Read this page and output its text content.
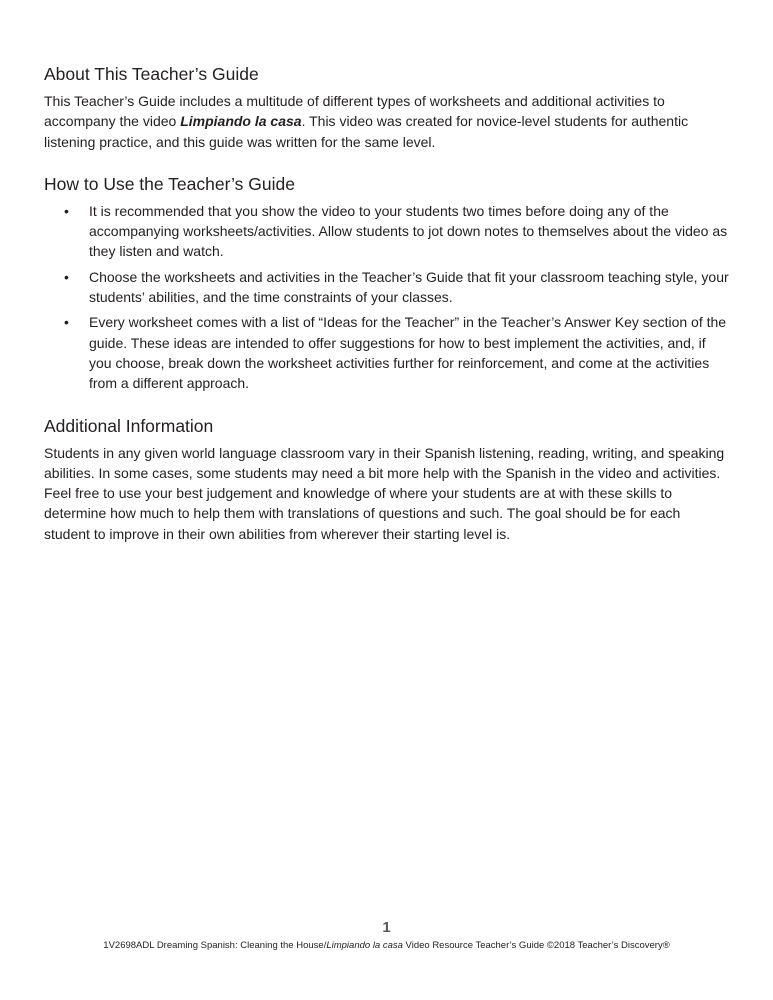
About This Teacher’s Guide

This Teacher’s Guide includes a multitude of different types of worksheets and additional activities to accompany the video Limpiando la casa. This video was created for novice-level students for authentic listening practice, and this guide was written for the same level.

How to Use the Teacher’s Guide
• It is recommended that you show the video to your students two times before doing any of the accompanying worksheets/activities. Allow students to jot down notes to themselves about the video as they listen and watch.
• Choose the worksheets and activities in the Teacher’s Guide that fit your classroom teaching style, your students’ abilities, and the time constraints of your classes.
• Every worksheet comes with a list of “Ideas for the Teacher” in the Teacher’s Answer Key section of the guide. These ideas are intended to offer suggestions for how to best implement the activities, and, if you choose, break down the worksheet activities further for reinforcement, and come at the activities from a different approach.
Additional Information

Students in any given world language classroom vary in their Spanish listening, reading, writing, and speaking abilities. In some cases, some students may need a bit more help with the Spanish in the video and activities. Feel free to use your best judgement and knowledge of where your students are at with these skills to determine how much to help them with translations of questions and such. The goal should be for each student to improve in their own abilities from wherever their starting level is.

1
1V2698ADL Dreaming Spanish: Cleaning the House/Limpiando la casa Video Resource Teacher’s Guide ©2018 Teacher’s Discovery®
